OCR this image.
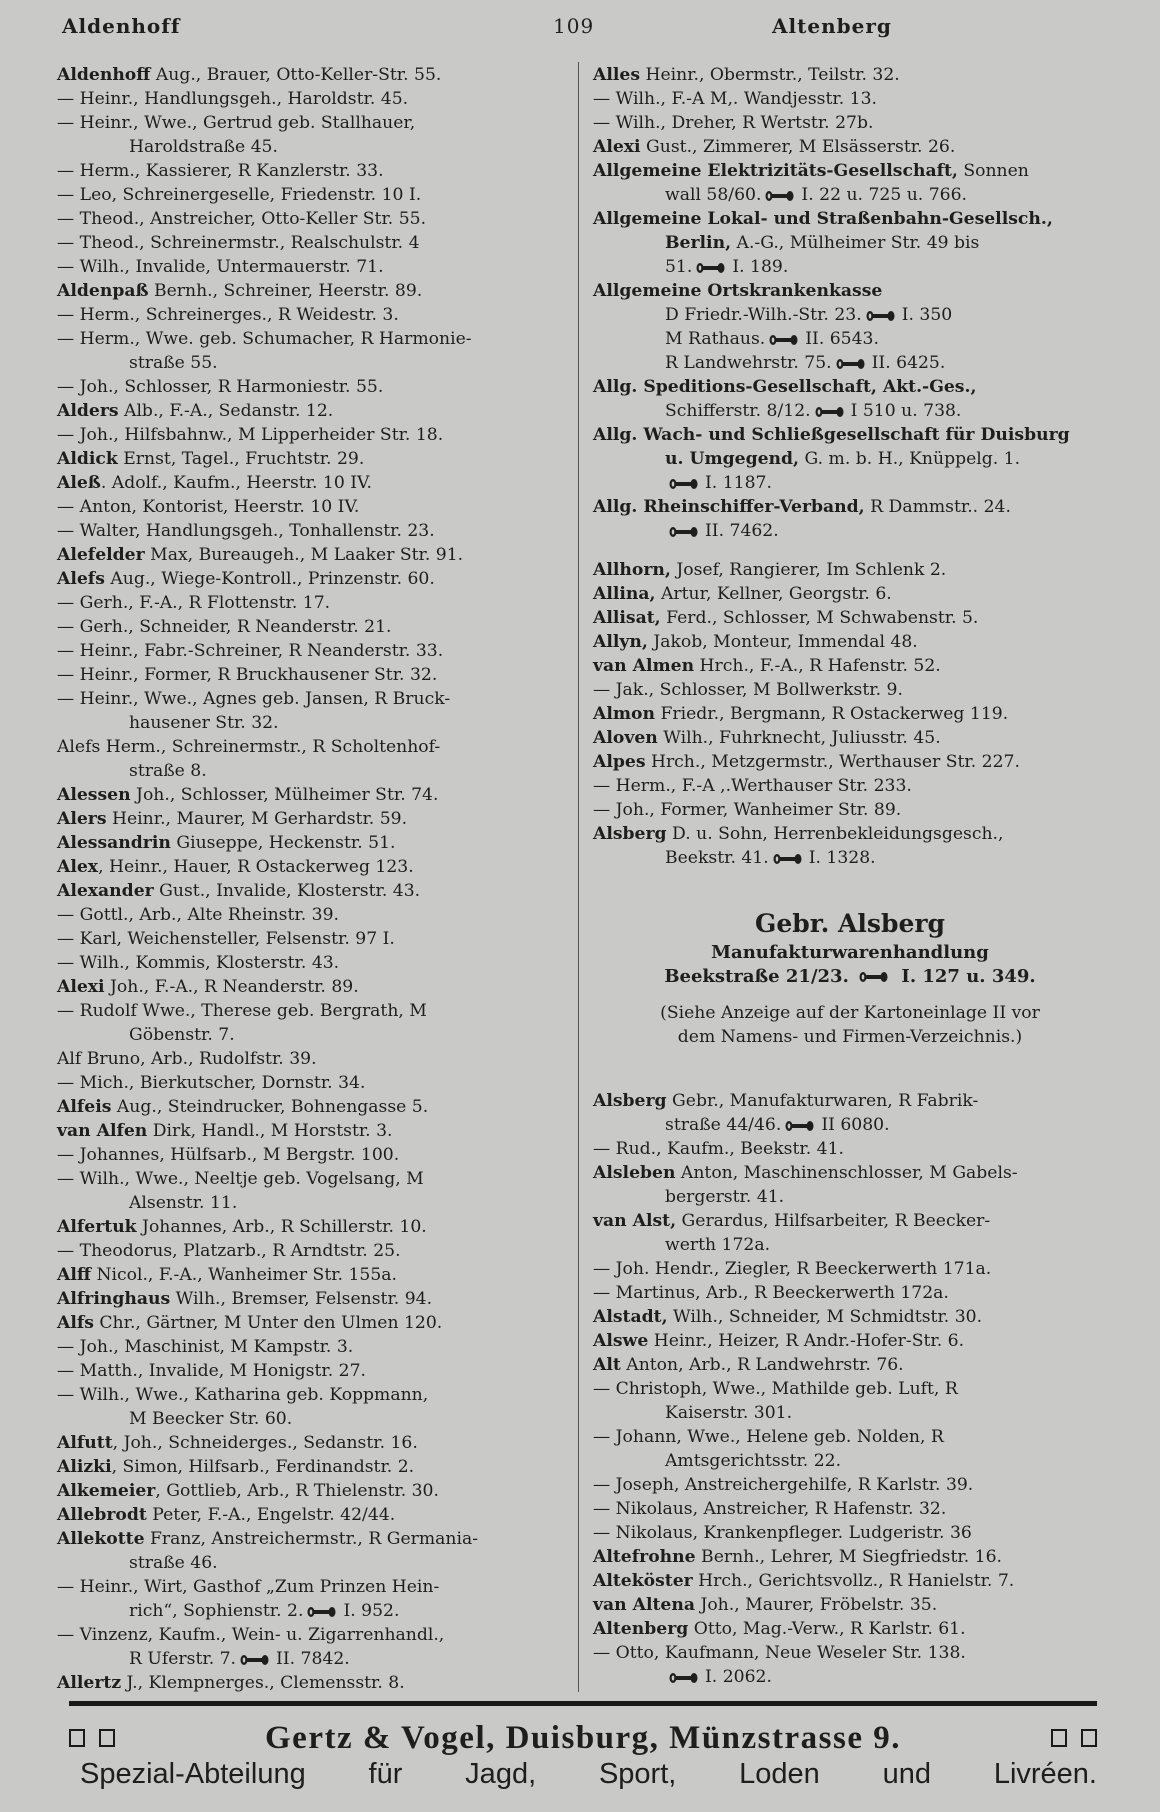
Aldenhoff	109	Altenberg
Aldenhoff Aug., Brauer, Otto-Keller-Str. 55.
— Heinr., Handlungsgeh., Haroldstr. 45.
— Heinr., Wwe., Gertrud geb. Stallhauer,
Haroldstraße 45.
— Herm., Kassierer, R Kanzlerstr. 33.
— Leo, Schreinergeselle, Friedenstr. 10 I.
— Theod., Anstreicher, Otto-Keller Str. 55.
— Theod., Schreinermstr., Realschulstr. 4
— Wilh., Invalide, Untermauerstr. 71.
Aldenpaß Bernh., Schreiner, Heerstr. 89.
— Herm., Schreinerges., R Weidestr. 3.
— Herm., Wwe. geb. Schumacher, R Harmonie-
straße 55.
— Joh., Schlosser, R Harmoniestr. 55.
Alders Alb., F.-A., Sedanstr. 12.
— Joh., Hilfsbahnw., M Lipperheider Str. 18.
Aldick Ernst, Tagel., Fruchtstr. 29.
Aleß. Adolf., Kaufm., Heerstr. 10 IV.
— Anton, Kontorist, Heerstr. 10 IV.
— Walter, Handlungsgeh., Tonhallenstr. 23.
Alefelder Max, Bureaugeh., M Laaker Str. 91.
Alefs Aug., Wiege-Kontroll., Prinzenstr. 60.
— Gerh., F.-A., R Flottenstr. 17.
— Gerh., Schneider, R Neanderstr. 21.
— Heinr., Fabr.-Schreiner, R Neanderstr. 33.
— Heinr., Former, R Bruckhausener Str. 32.
— Heinr., Wwe., Agnes geb. Jansen, R Bruck-
hausener Str. 32.
Alefs Herm., Schreinermstr., R Scholtenhof-
straße 8.
Alessen Joh., Schlosser, Mülheimer Str. 74.
Alers Heinr., Maurer, M Gerhardstr. 59.
Alessandrin Giuseppe, Heckenstr. 51.
Alex, Heinr., Hauer, R Ostackerweg 123.
Alexander Gust., Invalide, Klosterstr. 43.
— Gottl., Arb., Alte Rheinstr. 39.
— Karl, Weichensteller, Felsenstr. 97 I.
— Wilh., Kommis, Klosterstr. 43.
Alexi Joh., F.-A., R Neanderstr. 89.
— Rudolf Wwe., Therese geb. Bergrath, M
Göbenstr. 7.
Alf Bruno, Arb., Rudolfstr. 39.
— Mich., Bierkutscher, Dornstr. 34.
Alfeis Aug., Steindrucker, Bohnengasse 5.
van Alfen Dirk, Handl., M Horststr. 3.
— Johannes, Hülfsarb., M Bergstr. 100.
— Wilh., Wwe., Neeltje geb. Vogelsang, M
Alsenstr. 11.
Alfertuk Johannes, Arb., R Schillerstr. 10.
— Theodorus, Platzarb., R Arndtstr. 25.
Alff Nicol., F.-A., Wanheimer Str. 155a.
Alfringhaus Wilh., Bremser, Felsenstr. 94.
Alfs Chr., Gärtner, M Unter den Ulmen 120.
— Joh., Maschinist, M Kampstr. 3.
— Matth., Invalide, M Honigstr. 27.
— Wilh., Wwe., Katharina geb. Koppmann,
M Beecker Str. 60.
Alfutt, Joh., Schneiderges., Sedanstr. 16.
Alizki, Simon, Hilfsarb., Ferdinandstr. 2.
Alkemeier, Gottlieb, Arb., R Thielenstr. 30.
Allebrodt Peter, F.-A., Engelstr. 42/44.
Allekotte Franz, Anstreichermstr., R Germania-
straße 46.
— Heinr., Wirt, Gasthof „Zum Prinzen Hein-
rich“, Sophienstr. 2. I. 952.
— Vinzenz, Kaufm., Wein- u. Zigarrenhandl.,
R Uferstr. 7. II. 7842.
Allertz J., Klempnerges., Clemensstr. 8.
Alles Heinr., Obermstr., Teilstr. 32.
— Wilh., F.-A M,. Wandjesstr. 13.
— Wilh., Dreher, R Wertstr. 27b.
Alexi Gust., Zimmerer, M Elsässerstr. 26.
Allgemeine Elektrizitäts-Gesellschaft, Sonnen
wall 58/60. I. 22 u. 725 u. 766.
Allgemeine Lokal- und Straßenbahn-Gesellsch.,
Berlin, A.-G., Mülheimer Str. 49 bis
51. I. 189.
Allgemeine Ortskrankenkasse
D Friedr.-Wilh.-Str. 23. I. 350
M Rathaus. II. 6543.
R Landwehrstr. 75. II. 6425.
Allg. Speditions-Gesellschaft, Akt.-Ges.,
Schifferstr. 8/12. I 510 u. 738.
Allg. Wach- und Schließgesellschaft für Duisburg
u. Umgegend, G. m. b. H., Knüppelg. 1.
I. 1187.
Allg. Rheinschiffer-Verband, R Dammstr.. 24.
II. 7462.
Allhorn, Josef, Rangierer, Im Schlenk 2.
Allina, Artur, Kellner, Georgstr. 6.
Allisat, Ferd., Schlosser, M Schwabenstr. 5.
Allyn, Jakob, Monteur, Immendal 48.
van Almen Hrch., F.-A., R Hafenstr. 52.
— Jak., Schlosser, M Bollwerkstr. 9.
Almon Friedr., Bergmann, R Ostackerweg 119.
Aloven Wilh., Fuhrknecht, Juliusstr. 45.
Alpes Hrch., Metzgermstr., Werthauser Str. 227.
— Herm., F.-A ,.Werthauser Str. 233.
— Joh., Former, Wanheimer Str. 89.
Alsberg D. u. Sohn, Herrenbekleidungsgesch.,
Beekstr. 41. I. 1328.
Gebr. Alsberg
Manufakturwarenhandlung
Beekstraße 21/23.	I. 127 u. 349.
(Siehe Anzeige auf der Kartoneinlage II vor
dem Namens- und Firmen-Verzeichnis.)
Alsberg Gebr., Manufakturwaren, R Fabrik-
straße 44/46. II 6080.
— Rud., Kaufm., Beekstr. 41.
Alsleben Anton, Maschinenschlosser, M Gabels-
bergerstr. 41.
van Alst, Gerardus, Hilfsarbeiter, R Beecker-
werth 172a.
— Joh. Hendr., Ziegler, R Beeckerwerth 171a.
— Martinus, Arb., R Beeckerwerth 172a.
Alstadt, Wilh., Schneider, M Schmidtstr. 30.
Alswe Heinr., Heizer, R Andr.-Hofer-Str. 6.
Alt Anton, Arb., R Landwehrstr. 76.
— Christoph, Wwe., Mathilde geb. Luft, R
Kaiserstr. 301.
— Johann, Wwe., Helene geb. Nolden, R
Amtsgerichtsstr. 22.
— Joseph, Anstreichergehilfe, R Karlstr. 39.
— Nikolaus, Anstreicher, R Hafenstr. 32.
— Nikolaus, Krankenpfleger. Ludgeristr. 36
Altefrohne Bernh., Lehrer, M Siegfriedstr. 16.
Alteköster Hrch., Gerichtsvollz., R Hanielstr. 7.
van Altena Joh., Maurer, Fröbelstr. 35.
Altenberg Otto, Mag.-Verw., R Karlstr. 61.
— Otto, Kaufmann, Neue Weseler Str. 138.
I. 2062.
Gertz & Vogel, Duisburg, Münzstrasse 9.
Spezial-Abteilung für Jagd, Sport, Loden und Livréen.
